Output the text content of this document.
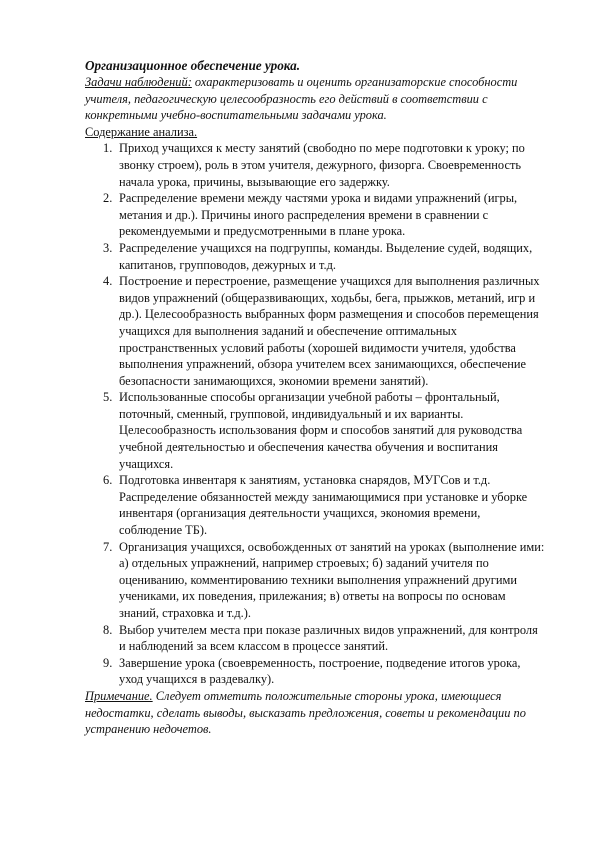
Организационное обеспечение урока.

Задачи наблюдений: охарактеризовать и оценить организаторские способности учителя, педагогическую целесообразность его действий в соответствии с конкретными учебно-воспитательными задачами урока.

Содержание анализа.

1. Приход учащихся к месту занятий (свободно по мере подготовки к уроку; по звонку строем), роль в этом учителя, дежурного, физорга. Своевременность начала урока, причины, вызывающие его задержку.
2. Распределение времени между частями урока и видами упражнений (игры, метания и др.). Причины иного распределения времени в сравнении с рекомендуемыми и предусмотренными в плане урока.
3. Распределение учащихся на подгруппы, команды. Выделение судей, водящих, капитанов, групповодов, дежурных и т.д.
4. Построение и перестроение, размещение учащихся для выполнения различных видов упражнений (общеразвивающих, ходьбы, бега, прыжков, метаний, игр и др.). Целесообразность выбранных форм размещения и способов перемещения учащихся для выполнения заданий и обеспечение оптимальных пространственных условий работы (хорошей видимости учителя, удобства выполнения упражнений, обзора учителем всех занимающихся, обеспечение безопасности занимающихся, экономии времени занятий).
5. Использованные способы организации учебной работы – фронтальный, поточный, сменный, групповой, индивидуальный и их варианты. Целесообразность использования форм и способов занятий для руководства учебной деятельностью и обеспечения качества обучения и воспитания учащихся.
6. Подготовка инвентаря к занятиям, установка снарядов, МУГСов и т.д. Распределение обязанностей между занимающимися при установке и уборке инвентаря (организация деятельности учащихся, экономия времени, соблюдение ТБ).
7. Организация учащихся, освобожденных от занятий на уроках (выполнение ими: а) отдельных упражнений, например строевых; б) заданий учителя по оцениванию, комментированию техники выполнения упражнений другими учениками, их поведения, прилежания; в) ответы на вопросы по основам знаний, страховка и т.д.).
8. Выбор учителем места при показе различных видов упражнений, для контроля и наблюдений за всем классом в процессе занятий.
9. Завершение урока (своевременность, построение, подведение итогов урока, уход учащихся в раздевалку).

Примечание. Следует отметить положительные стороны урока, имеющиеся недостатки, сделать выводы, высказать предложения, советы и рекомендации по устранению недочетов.
